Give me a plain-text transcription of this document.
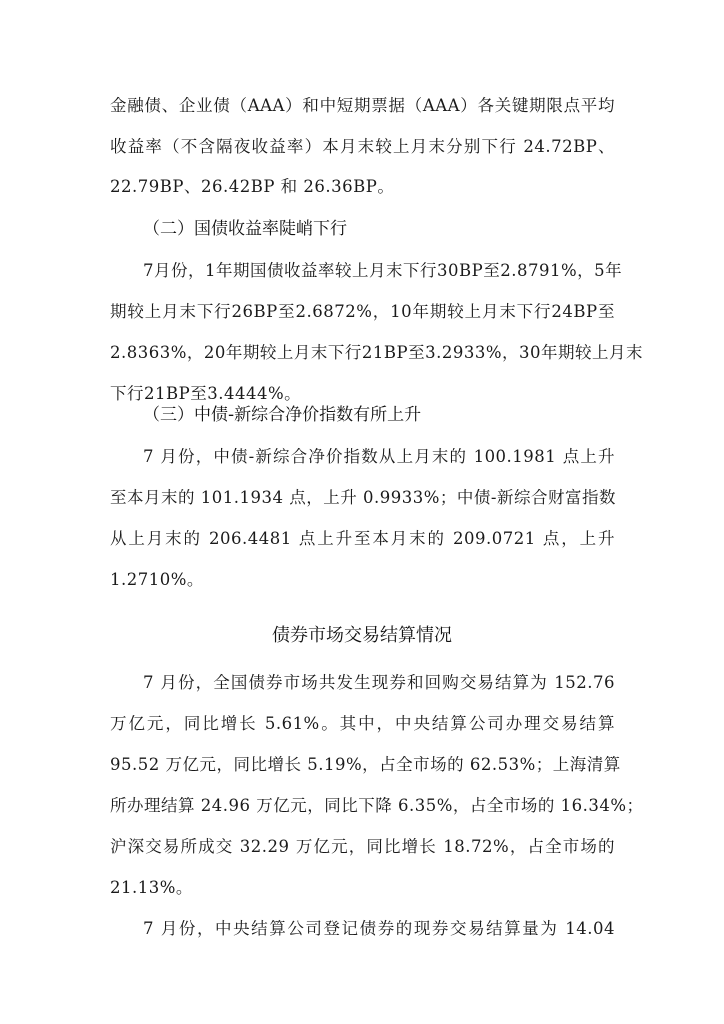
金融债、企业债（AAA）和中短期票据（AAA）各关键期限点平均
收益率（不含隔夜收益率）本月末较上月末分别下行 24.72BP、
22.79BP、26.42BP 和 26.36BP。
（二）国债收益率陡峭下行
7月份，1年期国债收益率较上月末下行30BP至2.8791%，5年
期较上月末下行26BP至2.6872%，10年期较上月末下行24BP至
2.8363%，20年期较上月末下行21BP至3.2933%，30年期较上月末
下行21BP至3.4444%。
（三）中债-新综合净价指数有所上升
7 月份，中债-新综合净价指数从上月末的 100.1981 点上升
至本月末的 101.1934 点，上升 0.9933%；中债-新综合财富指数
从上月末的 206.4481 点上升至本月末的 209.0721 点，上升
1.2710%。
债券市场交易结算情况
7 月份，全国债券市场共发生现券和回购交易结算为 152.76
万亿元，同比增长 5.61%。其中，中央结算公司办理交易结算
95.52 万亿元，同比增长 5.19%，占全市场的 62.53%；上海清算
所办理结算 24.96 万亿元，同比下降 6.35%，占全市场的 16.34%；
沪深交易所成交 32.29 万亿元，同比增长 18.72%，占全市场的
21.13%。
7 月份，中央结算公司登记债券的现券交易结算量为 14.04
